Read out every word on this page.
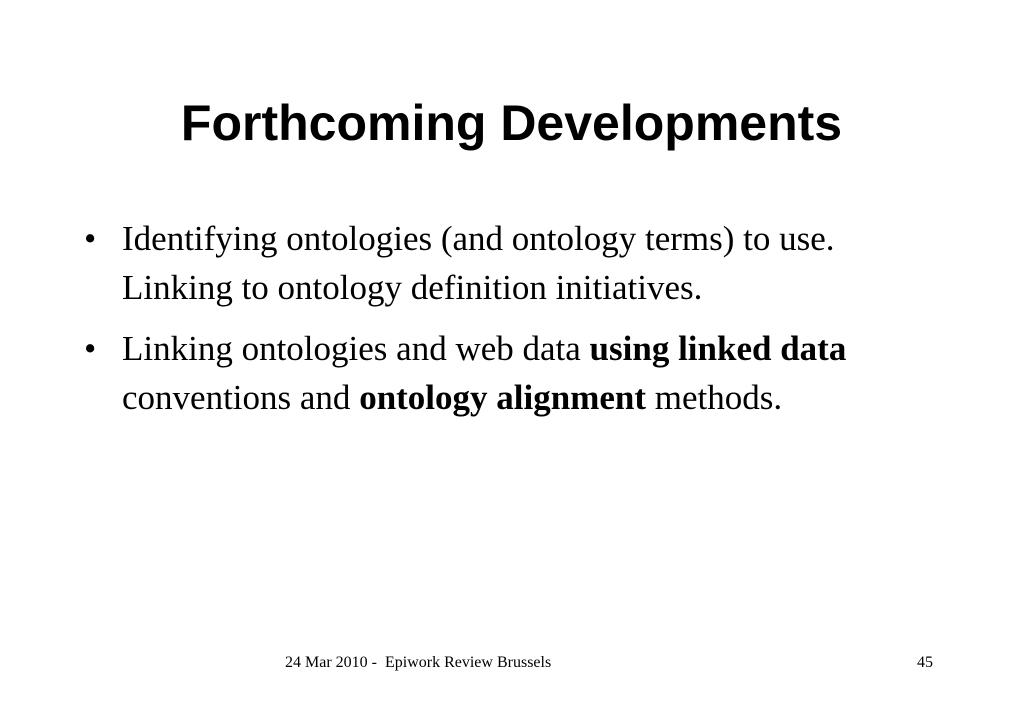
Forthcoming Developments
• Identifying ontologies (and ontology terms) to use. Linking to ontology definition initiatives.
• Linking ontologies and web data using linked data conventions and ontology alignment methods.
24 Mar 2010 -  Epiwork Review Brussels	45
